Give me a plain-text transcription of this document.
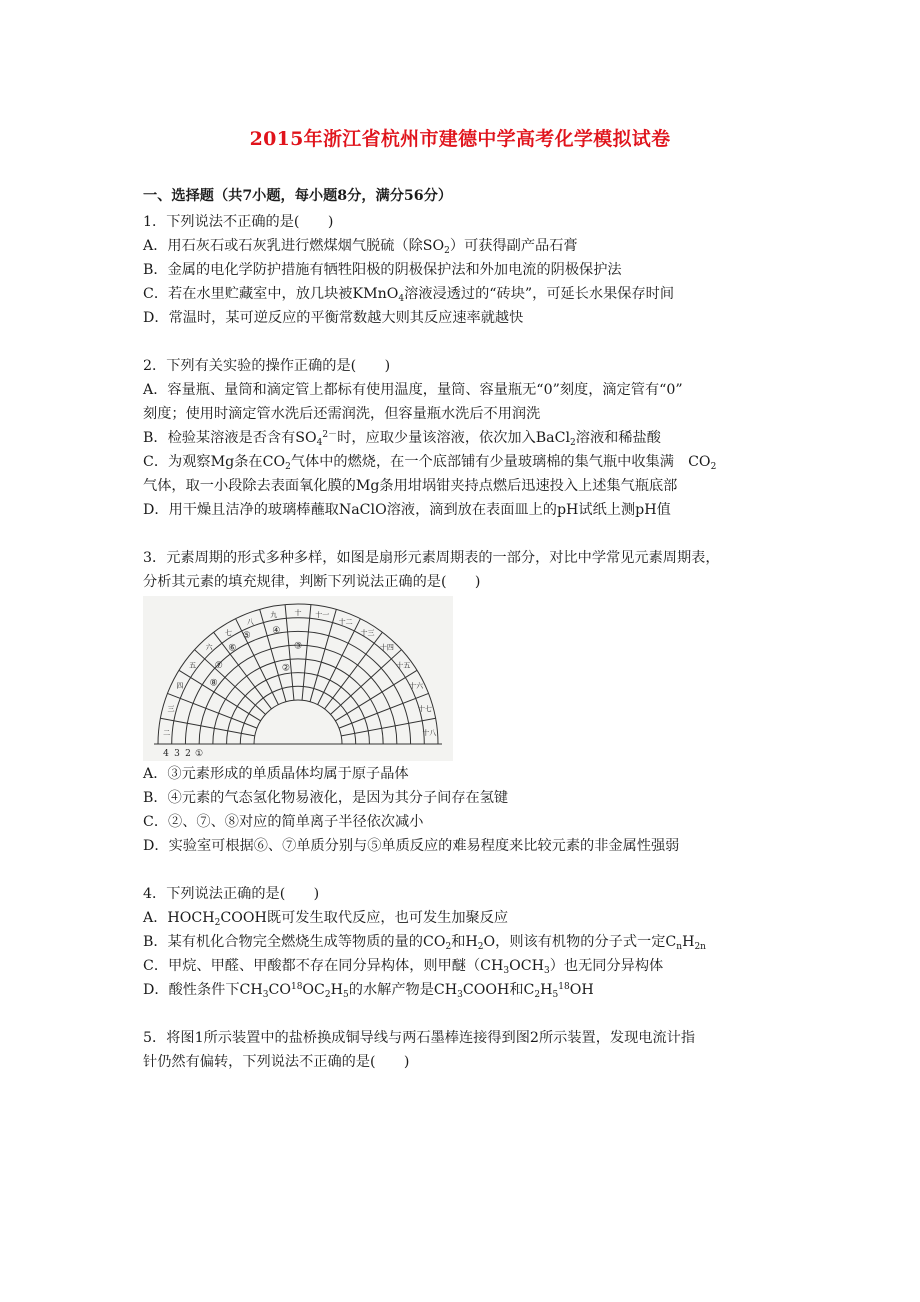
2015年浙江省杭州市建德中学高考化学模拟试卷
一、选择题（共7小题，每小题8分，满分56分）
1．下列说法不正确的是(　　)
A．用石灰石或石灰乳进行燃煤烟气脱硫（除$SO_2$）可获得副产品石膏
B．金属的电化学防护措施有牺牲阳极的阴极保护法和外加电流的阴极保护法
C．若在水里贮藏室中，放几块被KMnO$_4$溶液浸透过的“砖块”，可延长水果保存时间
D．常温时，某可逆反应的平衡常数越大则其反应速率就越快
2．下列有关实验的操作正确的是(　　)
A．容量瓶、量筒和滴定管上都标有使用温度，量筒、容量瓶无“0”刻度，滴定管有“0”
刻度；使用时滴定管水洗后还需润洗，但容量瓶水洗后不用润洗
B．检验某溶液是否含有$SO_4^{2-}$时，应取少量该溶液，依次加入BaCl$_2$溶液和稀盐酸
C．为观察Mg条在$CO_2$气体中的燃烧，在一个底部铺有少量玻璃棉的集气瓶中收集满　$CO_2$
气体，取一小段除去表面氧化膜的Mg条用坩埚钳夹持点燃后迅速投入上述集气瓶底部
D．用干燥且洁净的玻璃棒蘸取NaClO溶液，滴到放在表面皿上的pH试纸上测pH值
3．元素周期的形式多种多样，如图是扇形元素周期表的一部分，对比中学常见元素周期表，
分析其元素的填充规律，判断下列说法正确的是(　　)
二
三
四
五
六
七
八
九 十 十一
十二
十三
十四
十五
十六
十七
十八
4 3 2 ①
②
③
④
⑤
⑥
⑦
⑧
A．③元素形成的单质晶体均属于原子晶体
B．④元素的气态氢化物易液化，是因为其分子间存在氢键
C．②、⑦、⑧对应的简单离子半径依次减小
D．实验室可根据⑥、⑦单质分别与⑤单质反应的难易程度来比较元素的非金属性强弱
4．下列说法正确的是(　　)
A．$HOCH_2COOH$既可发生取代反应，也可发生加聚反应
B．某有机化合物完全燃烧生成等物质的量的$CO_2$和$H_2O$，则该有机物的分子式一定$C_nH_{2n}$
C．甲烷、甲醛、甲酸都不存在同分异构体，则甲醚$(CH_3OCH_3)$也无同分异构体
D．酸性条件下$CH_3CO^{18}OC_2H_5$的水解产物是$CH_3COOH$和$C_2H_5^{18}OH$
5．将图1所示装置中的盐桥换成铜导线与两石墨棒连接得到图2所示装置，发现电流计指
针仍然有偏转，下列说法不正确的是(　　)
